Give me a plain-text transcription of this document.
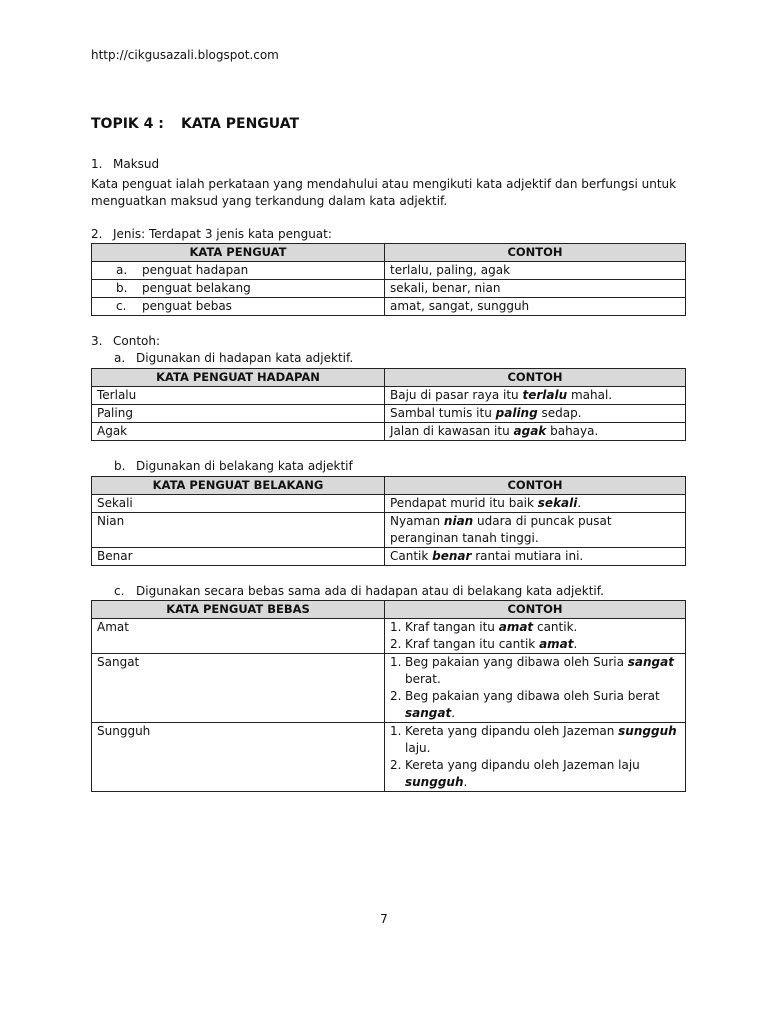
http://cikgusazali.blogspot.com
TOPIK 4 : KATA PENGUAT
1. Maksud
Kata penguat ialah perkataan yang mendahului atau mengikuti kata adjektif dan berfungsi untuk menguatkan maksud yang terkandung dalam kata adjektif.
2. Jenis: Terdapat 3 jenis kata penguat:
KATA PENGUAT	CONTOH
a. penguat hadapan	terlalu, paling, agak
b. penguat belakang	sekali, benar, nian
c. penguat bebas	amat, sangat, sungguh
3. Contoh:
a. Digunakan di hadapan kata adjektif.
KATA PENGUAT HADAPAN	CONTOH
Terlalu	Baju di pasar raya itu terlalu mahal.
Paling	Sambal tumis itu paling sedap.
Agak	Jalan di kawasan itu agak bahaya.
b. Digunakan di belakang kata adjektif
KATA PENGUAT BELAKANG	CONTOH
Sekali	Pendapat murid itu baik sekali.
Nian	Nyaman nian udara di puncak pusat peranginan tanah tinggi.
Benar	Cantik benar rantai mutiara ini.
c. Digunakan secara bebas sama ada di hadapan atau di belakang kata adjektif.
KATA PENGUAT BEBAS	CONTOH
Amat	1. Kraf tangan itu amat cantik.
2. Kraf tangan itu cantik amat.

Sangat	1. Beg pakaian yang dibawa oleh Suria sangat berat.
2. Beg pakaian yang dibawa oleh Suria berat sangat.

Sungguh	1. Kereta yang dipandu oleh Jazeman sungguh laju.
2. Kereta yang dipandu oleh Jazeman laju sungguh.
7
